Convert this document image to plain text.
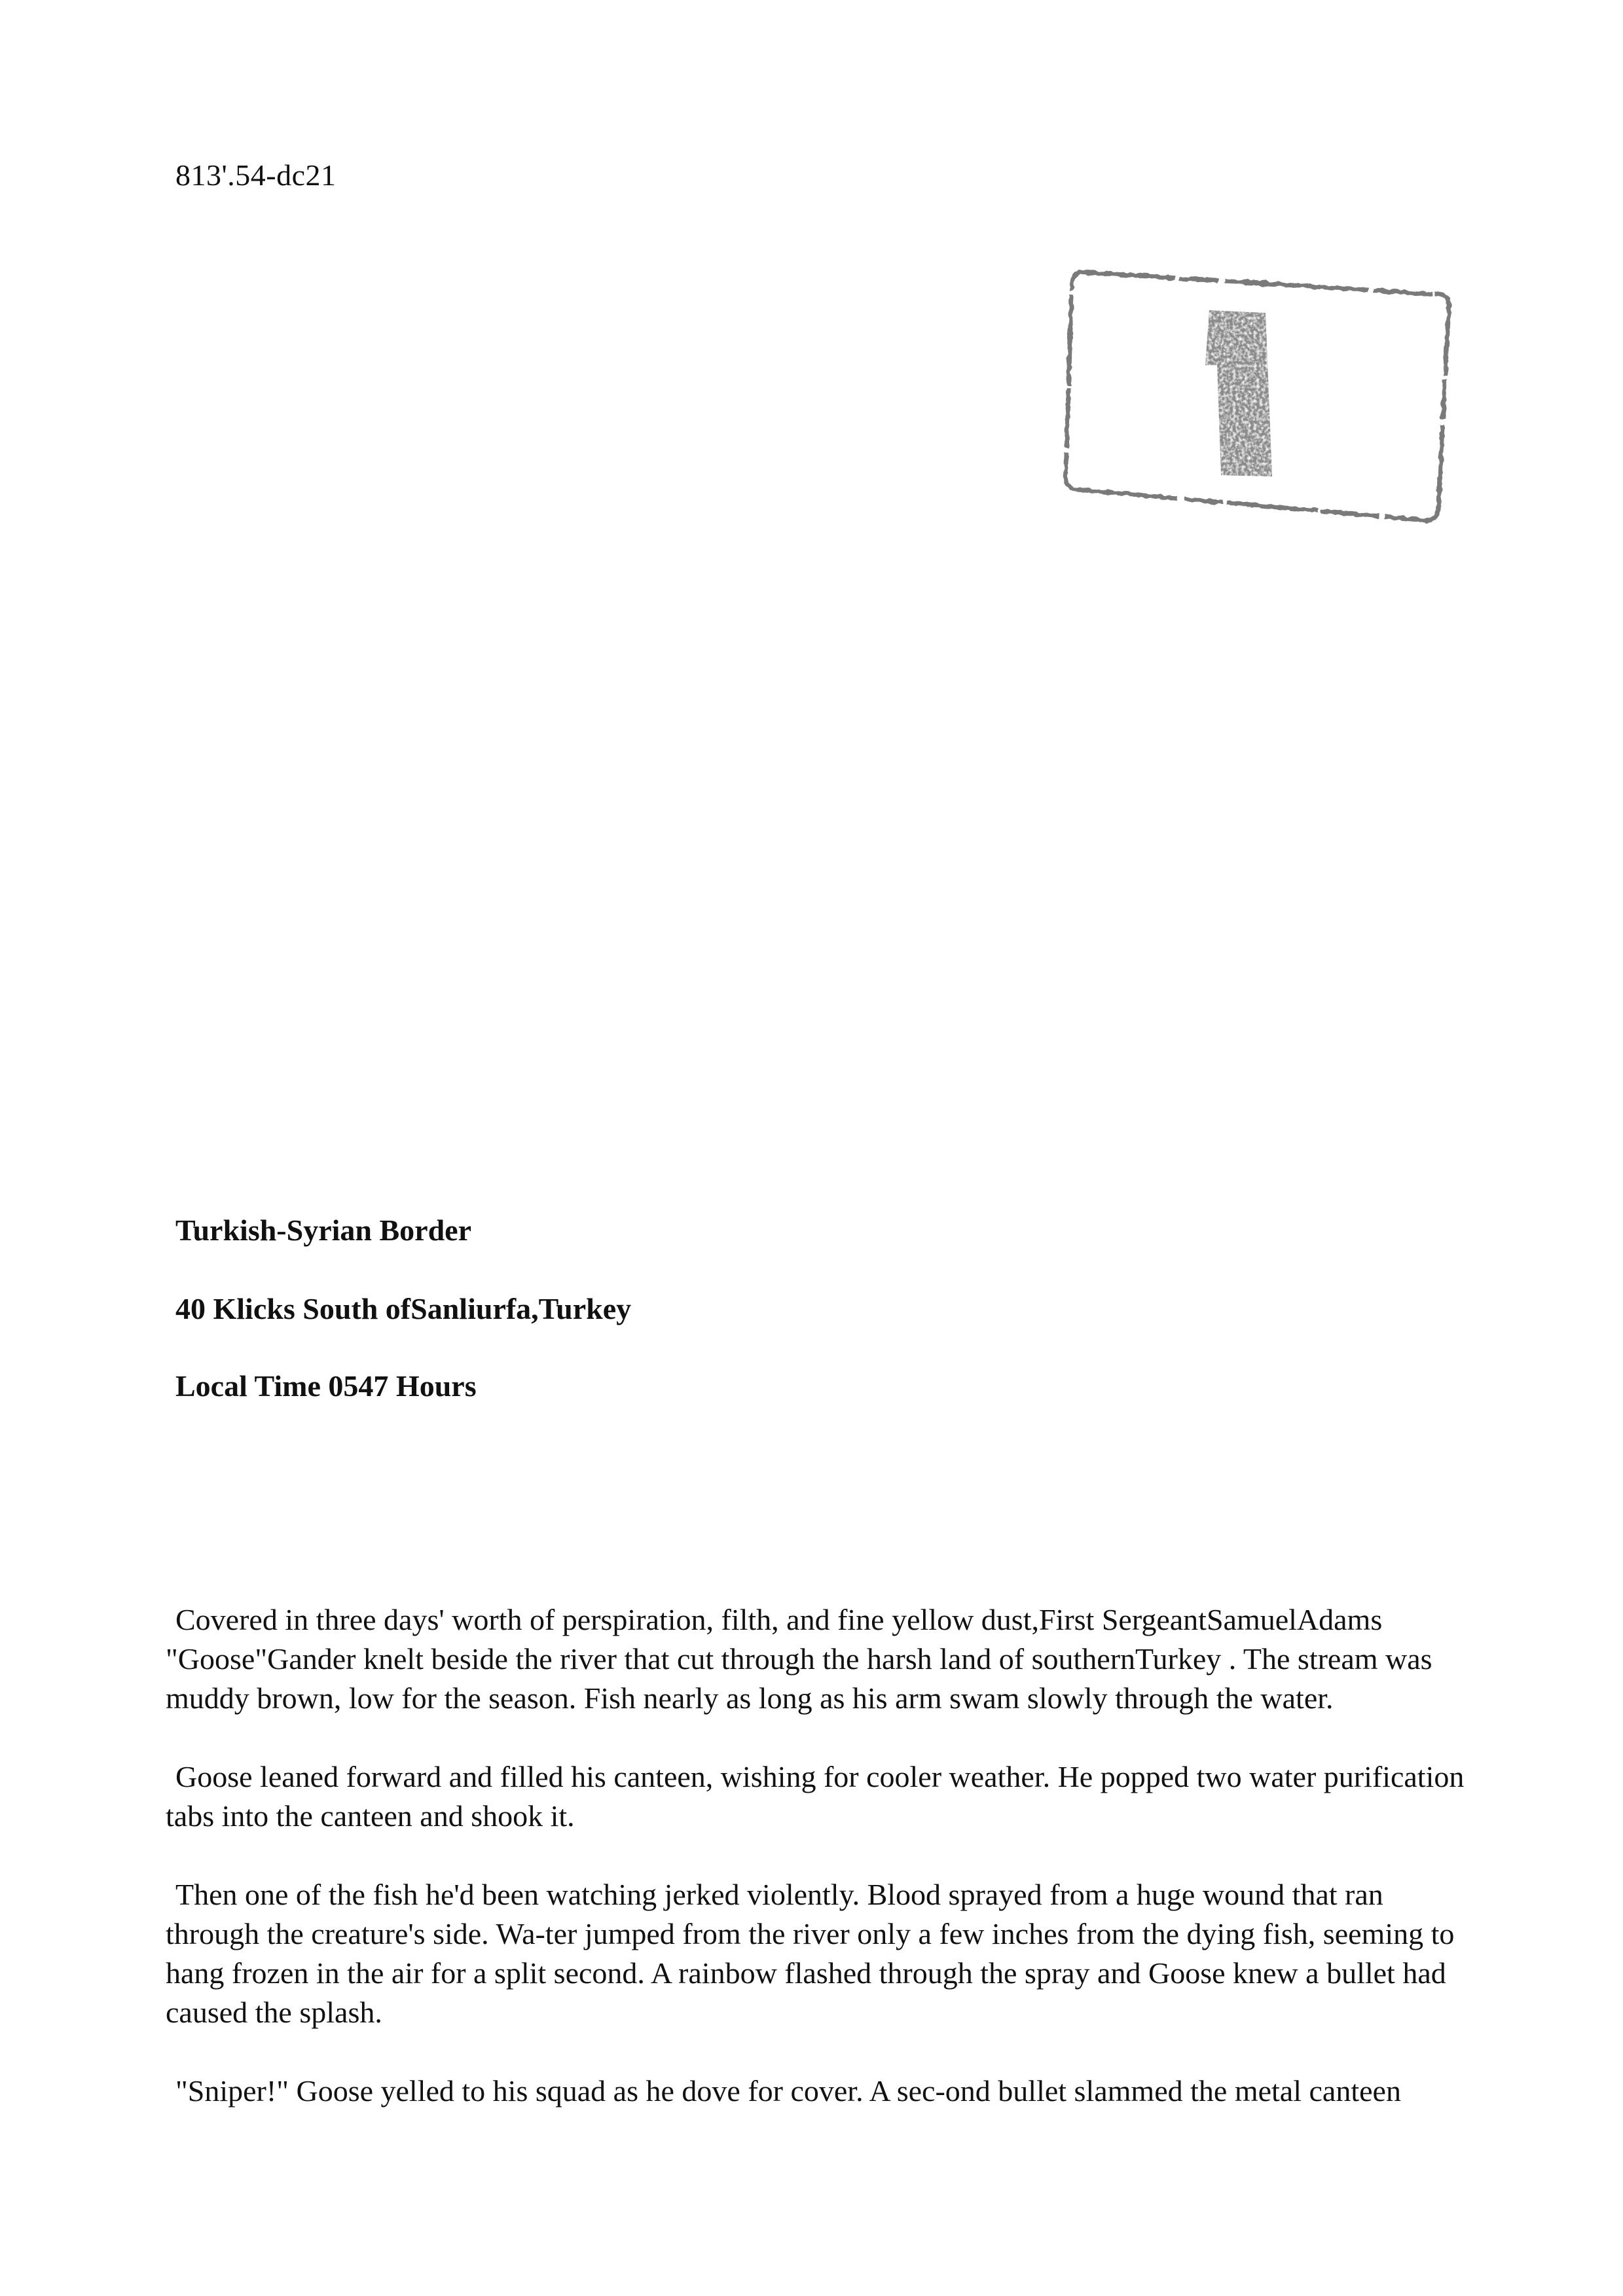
813'.54-dc21
Turkish-Syrian Border
40 Klicks South ofSanliurfa,Turkey
Local Time 0547 Hours

Covered in three days' worth of perspiration, filth, and fine yellow dust,First SergeantSamuelAdams "Goose"Gander knelt beside the river that cut through the harsh land of southernTurkey . The stream was muddy brown, low for the season. Fish nearly as long as his arm swam slowly through the water.

Goose leaned forward and filled his canteen, wishing for cooler weather. He popped two water purification tabs into the canteen and shook it.

Then one of the fish he'd been watching jerked violently. Blood sprayed from a huge wound that ran through the creature's side. Wa-ter jumped from the river only a few inches from the dying fish, seeming to hang frozen in the air for a split second. A rainbow flashed through the spray and Goose knew a bullet had caused the splash.

"Sniper!" Goose yelled to his squad as he dove for cover. A sec-ond bullet slammed the metal canteen
